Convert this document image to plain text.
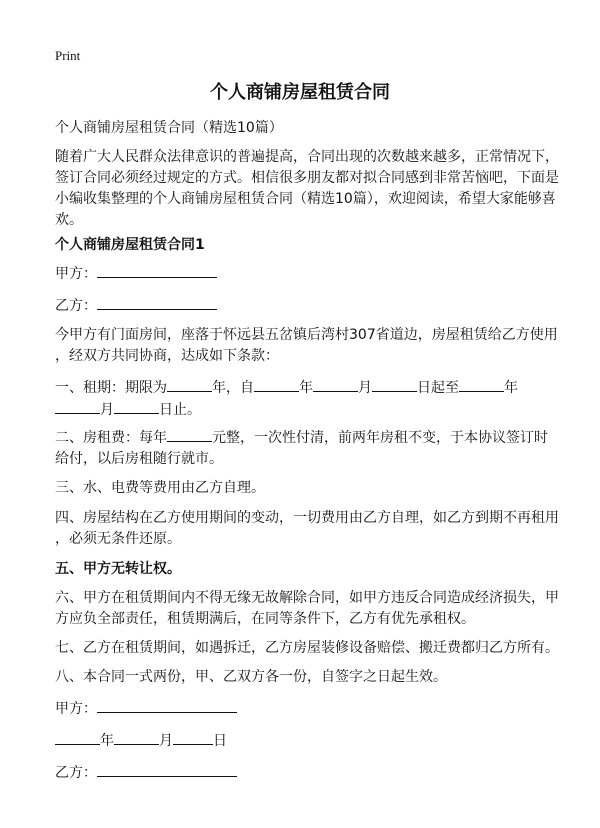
Print
个人商铺房屋租赁合同
个人商铺房屋租赁合同（精选10篇）
随着广大人民群众法律意识的普遍提高，合同出现的次数越来越多，正常情况下，
签订合同必须经过规定的方式。相信很多朋友都对拟合同感到非常苦恼吧，下面是
小编收集整理的个人商铺房屋租赁合同（精选10篇），欢迎阅读，希望大家能够喜
欢。
个人商铺房屋租赁合同1
甲方：
乙方：
今甲方有门面房间，座落于怀远县五岔镇后湾村307省道边，房屋租赁给乙方使用
，经双方共同协商，达成如下条款：
一、租期：期限为	年，自	年	月	日起至	年
月	日止。
二、房租费：每年	元整，一次性付清，前两年房租不变，于本协议签订时
给付，以后房租随行就市。
三、水、电费等费用由乙方自理。
四、房屋结构在乙方使用期间的变动，一切费用由乙方自理，如乙方到期不再租用
，必须无条件还原。
五、甲方无转让权。
六、甲方在租赁期间内不得无缘无故解除合同，如甲方违反合同造成经济损失，甲
方应负全部责任，租赁期满后，在同等条件下，乙方有优先承租权。
七、乙方在租赁期间，如遇拆迁，乙方房屋装修设备赔偿、搬迁费都归乙方所有。
八、本合同一式两份，甲、乙双方各一份，自签字之日起生效。
甲方：
年	月	日
乙方：
